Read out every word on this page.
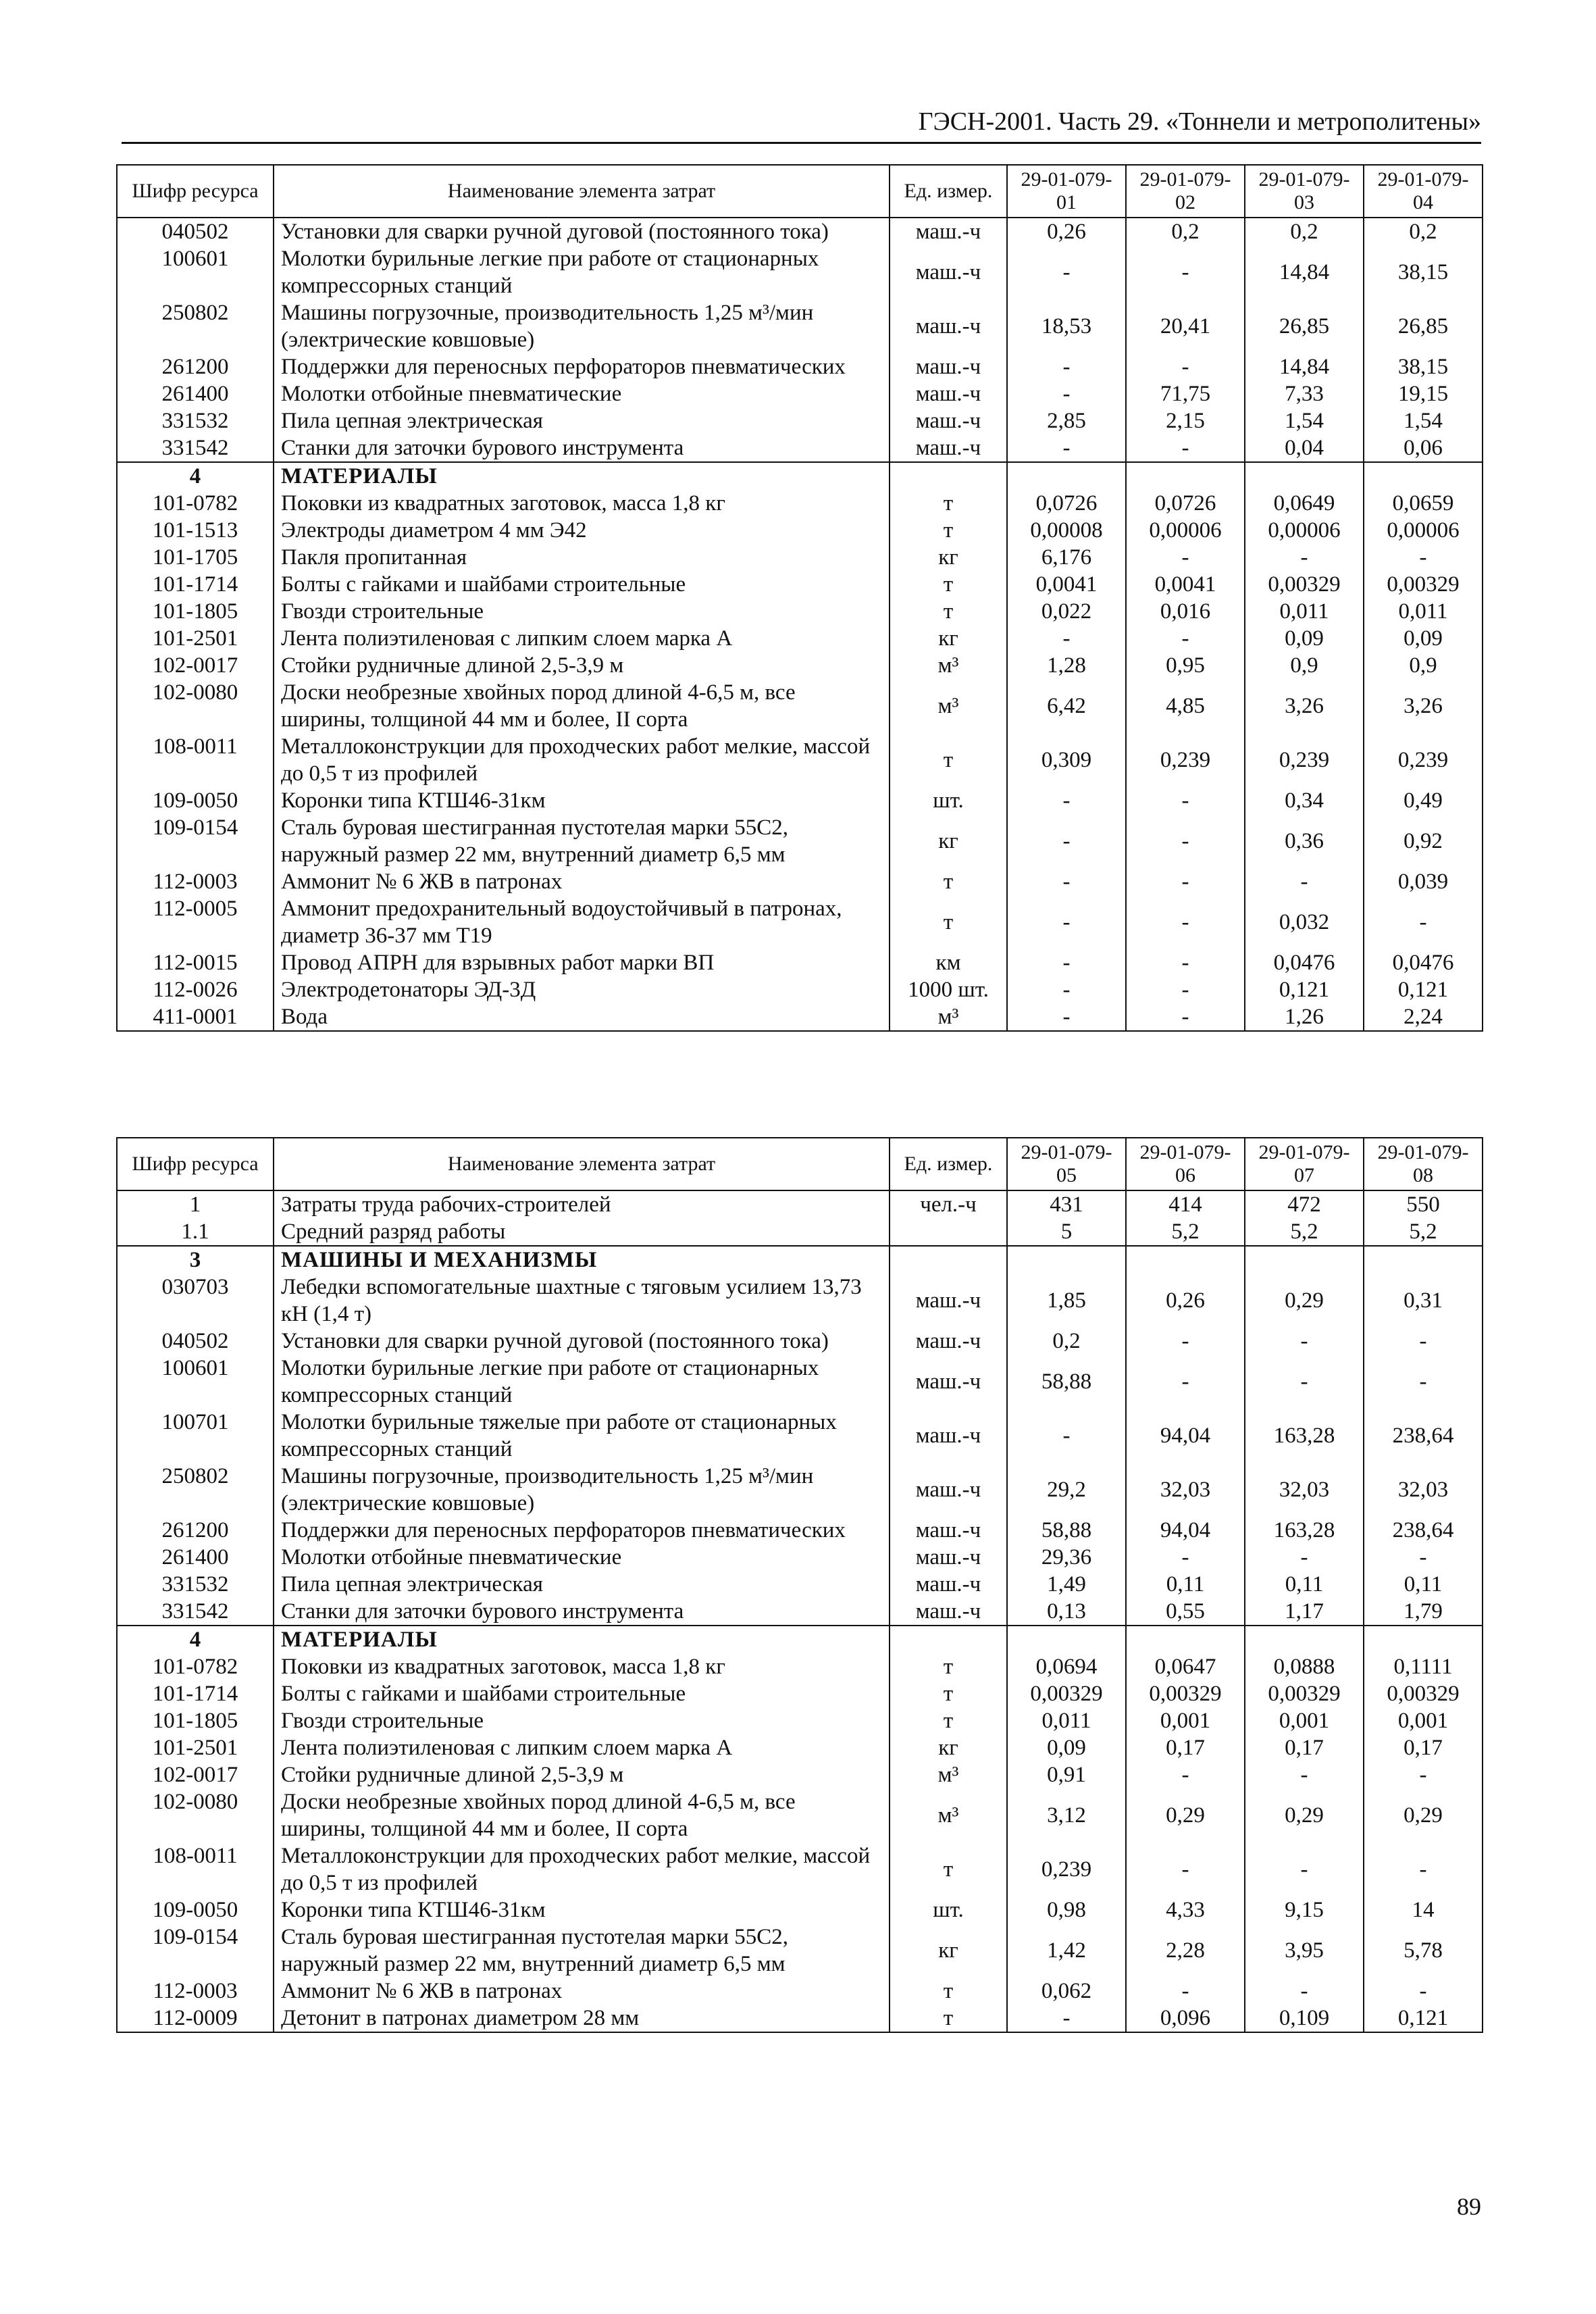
ГЭСН-2001. Часть 29. «Тоннели и метрополитены»
Шифр ресурса	Наименование элемента затрат	Ед. измер.	29-01-079-01	29-01-079-02	29-01-079-03	29-01-079-04
040502	Установки для сварки ручной дуговой (постоянного тока)	маш.-ч	0,26	0,2	0,2	0,2
100601	Молотки бурильные легкие при работе от стационарных компрессорных станций	маш.-ч	-	-	14,84	38,15
250802	Машины погрузочные, производительность 1,25 м³/мин (электрические ковшовые)	маш.-ч	18,53	20,41	26,85	26,85
261200	Поддержки для переносных перфораторов пневматических	маш.-ч	-	-	14,84	38,15
261400	Молотки отбойные пневматические	маш.-ч	-	71,75	7,33	19,15
331532	Пила цепная электрическая	маш.-ч	2,85	2,15	1,54	1,54
331542	Станки для заточки бурового инструмента	маш.-ч	-	-	0,04	0,06
4	МАТЕРИАЛЫ					
101-0782	Поковки из квадратных заготовок, масса 1,8 кг	т	0,0726	0,0726	0,0649	0,0659
101-1513	Электроды диаметром 4 мм Э42	т	0,00008	0,00006	0,00006	0,00006
101-1705	Пакля пропитанная	кг	6,176	-	-	-
101-1714	Болты с гайками и шайбами строительные	т	0,0041	0,0041	0,00329	0,00329
101-1805	Гвозди строительные	т	0,022	0,016	0,011	0,011
101-2501	Лента полиэтиленовая с липким слоем марка А	кг	-	-	0,09	0,09
102-0017	Стойки рудничные длиной 2,5-3,9 м	м³	1,28	0,95	0,9	0,9
102-0080	Доски необрезные хвойных пород длиной 4-6,5 м, все ширины, толщиной 44 мм и более, II сорта	м³	6,42	4,85	3,26	3,26
108-0011	Металлоконструкции для проходческих работ мелкие, массой до 0,5 т из профилей	т	0,309	0,239	0,239	0,239
109-0050	Коронки типа КТШ46-31км	шт.	-	-	0,34	0,49
109-0154	Сталь буровая шестигранная пустотелая марки 55С2, наружный размер 22 мм, внутренний диаметр 6,5 мм	кг	-	-	0,36	0,92
112-0003	Аммонит № 6 ЖВ в патронах	т	-	-	-	0,039
112-0005	Аммонит предохранительный водоустойчивый в патронах, диаметр 36-37 мм Т19	т	-	-	0,032	-
112-0015	Провод АПРН для взрывных работ марки ВП	км	-	-	0,0476	0,0476
112-0026	Электродетонаторы ЭД-3Д	1000 шт.	-	-	0,121	0,121
411-0001	Вода	м³	-	-	1,26	2,24
Шифр ресурса	Наименование элемента затрат	Ед. измер.	29-01-079-05	29-01-079-06	29-01-079-07	29-01-079-08
1	Затраты труда рабочих-строителей	чел.-ч	431	414	472	550
1.1	Средний разряд работы		5	5,2	5,2	5,2
3	МАШИНЫ И МЕХАНИЗМЫ					
030703	Лебедки вспомогательные шахтные с тяговым усилием 13,73 кН (1,4 т)	маш.-ч	1,85	0,26	0,29	0,31
040502	Установки для сварки ручной дуговой (постоянного тока)	маш.-ч	0,2	-	-	-
100601	Молотки бурильные легкие при работе от стационарных компрессорных станций	маш.-ч	58,88	-	-	-
100701	Молотки бурильные тяжелые при работе от стационарных компрессорных станций	маш.-ч	-	94,04	163,28	238,64
250802	Машины погрузочные, производительность 1,25 м³/мин (электрические ковшовые)	маш.-ч	29,2	32,03	32,03	32,03
261200	Поддержки для переносных перфораторов пневматических	маш.-ч	58,88	94,04	163,28	238,64
261400	Молотки отбойные пневматические	маш.-ч	29,36	-	-	-
331532	Пила цепная электрическая	маш.-ч	1,49	0,11	0,11	0,11
331542	Станки для заточки бурового инструмента	маш.-ч	0,13	0,55	1,17	1,79
4	МАТЕРИАЛЫ					
101-0782	Поковки из квадратных заготовок, масса 1,8 кг	т	0,0694	0,0647	0,0888	0,1111
101-1714	Болты с гайками и шайбами строительные	т	0,00329	0,00329	0,00329	0,00329
101-1805	Гвозди строительные	т	0,011	0,001	0,001	0,001
101-2501	Лента полиэтиленовая с липким слоем марка А	кг	0,09	0,17	0,17	0,17
102-0017	Стойки рудничные длиной 2,5-3,9 м	м³	0,91	-	-	-
102-0080	Доски необрезные хвойных пород длиной 4-6,5 м, все ширины, толщиной 44 мм и более, II сорта	м³	3,12	0,29	0,29	0,29
108-0011	Металлоконструкции для проходческих работ мелкие, массой до 0,5 т из профилей	т	0,239	-	-	-
109-0050	Коронки типа КТШ46-31км	шт.	0,98	4,33	9,15	14
109-0154	Сталь буровая шестигранная пустотелая марки 55С2, наружный размер 22 мм, внутренний диаметр 6,5 мм	кг	1,42	2,28	3,95	5,78
112-0003	Аммонит № 6 ЖВ в патронах	т	0,062	-	-	-
112-0009	Детонит в патронах диаметром 28 мм	т	-	0,096	0,109	0,121
89
